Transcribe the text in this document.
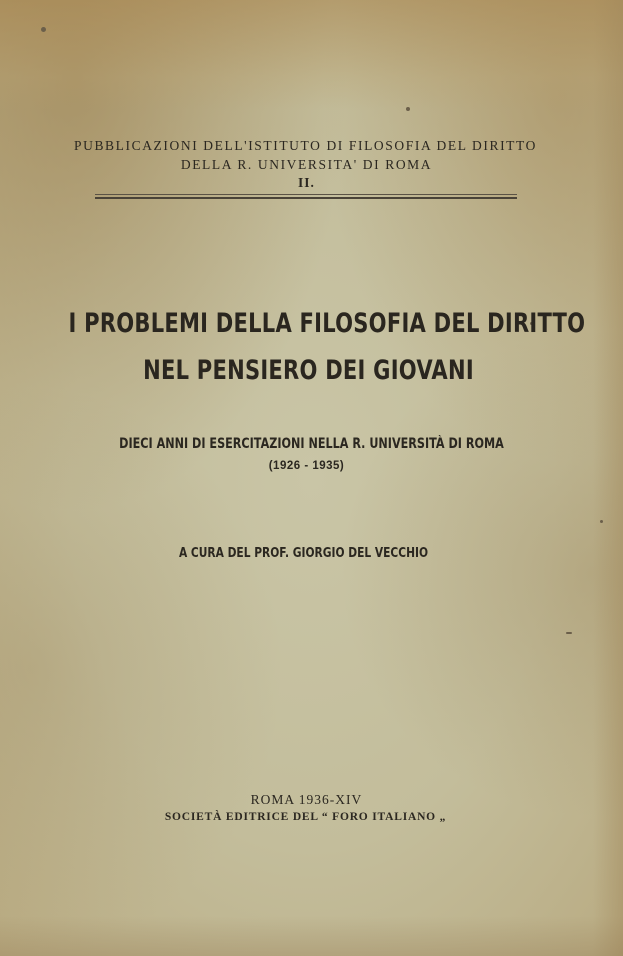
PUBBLICAZIONI DELL'ISTITUTO DI FILOSOFIA DEL DIRITTO
DELLA R. UNIVERSITA' DI ROMA
II.
I PROBLEMI DELLA FILOSOFIA DEL DIRITTO
NEL PENSIERO DEI GIOVANI
DIECI ANNI DI ESERCITAZIONI NELLA R. UNIVERSITÀ DI ROMA
(1926 - 1935)
A CURA DEL PROF. GIORGIO DEL VECCHIO
ROMA 1936-XIV
SOCIETÀ EDITRICE DEL “ FORO ITALIANO „
